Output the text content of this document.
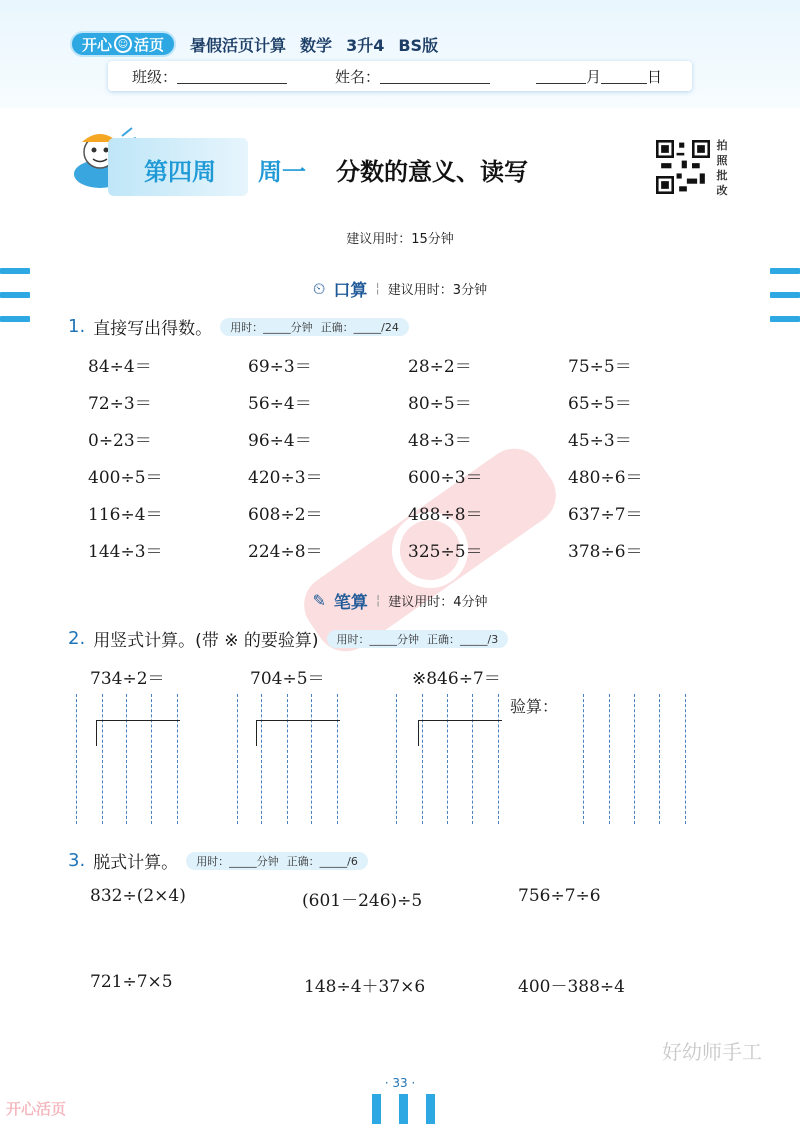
开心 ☺ 活页 暑假活页计算 数学 3升4 BS版
班级：	姓名：	月	日
第四周 周一 分数的意义、读写
拍
照
批
改
建议用时：15分钟
⏲ 口算 ¦ 建议用时：3分钟
1. 直接写出得数。 用时：_____分钟 正确：_____/24
84÷4＝	69÷3＝	28÷2＝	75÷5＝
72÷3＝	56÷4＝	80÷5＝	65÷5＝
0÷23＝	96÷4＝	48÷3＝	45÷3＝
400÷5＝	420÷3＝	600÷3＝	480÷6＝
116÷4＝	608÷2＝	488÷8＝	637÷7＝
144÷3＝	224÷8＝	325÷5＝	378÷6＝
✎ 笔算 ¦ 建议用时：4分钟
2. 用竖式计算。(带 ※ 的要验算) 用时：_____分钟 正确：_____/3
734÷2＝	704÷5＝	※846÷7＝
验算：
3. 脱式计算。 用时：_____分钟 正确：_____/6
832÷(2×4)	(601－246)÷5	756÷7÷6
721÷7×5	148÷4＋37×6	400－388÷4
好幼师手工
· 33 ·
开心活页
